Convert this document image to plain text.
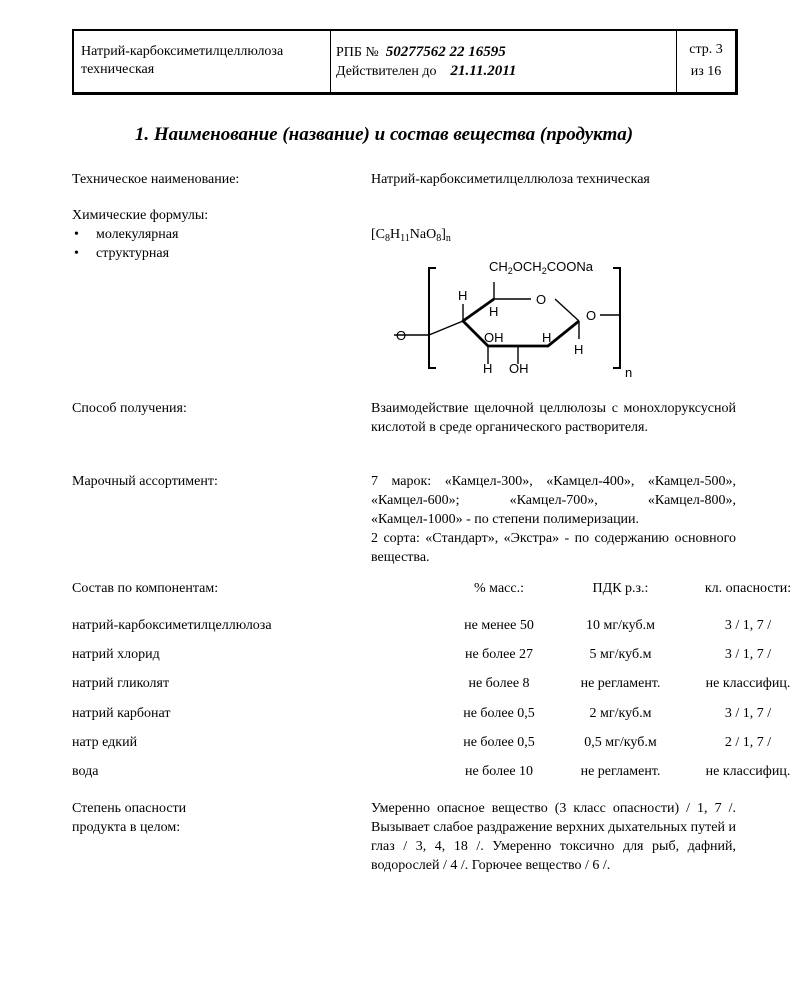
Натрий-карбоксиметилцеллюлоза техническая
РПБ № 50277562 22 16595
Действителен до 21.11.2011
стр. 3
из 16
1. Наименование (название) и состав вещества (продукта)
Техническое наименование:	Натрий-карбоксиметилцеллюлоза техническая
Химические формулы:
• молекулярная
• структурная
$[C_8H_{11}NaO_8]_n$
$CH_2OCH_2COONa$
O
O
O
H
H
OH	H
H
H OH	n
Способ получения:	Взаимодействие щелочной целлюлозы с монохлоруксусной кислотой в среде органического растворителя.
Марочный ассортимент:	7 марок: «Камцел-300», «Камцел-400», «Камцел-500», «Камцел-600»; «Камцел-700», «Камцел-800», «Камцел-1000» - по степени полимеризации.
2 сорта: «Стандарт», «Экстра» - по содержанию основного вещества.
Состав по компонентам:	% масс.:	ПДК р.з.:	кл. опасности:
натрий-карбоксиметилцеллюлоза	не менее 50	10 мг/куб.м	3 / 1, 7 /
натрий хлорид	не более 27	5 мг/куб.м	3 / 1, 7 /
натрий гликолят	не более 8	не регламент.	не классифиц.
натрий карбонат	не более 0,5	2 мг/куб.м	3 / 1, 7 /
натр едкий	не более 0,5	0,5 мг/куб.м	2 / 1, 7 /
вода	не более 10	не регламент.	не классифиц.
Степень опасности
продукта в целом:
Умеренно опасное вещество (3 класс опасности) / 1, 7 /. Вызывает слабое раздражение верхних дыхательных путей и глаз / 3, 4, 18 /. Умеренно токсично для рыб, дафний, водорослей / 4 /. Горючее вещество / 6 /.
